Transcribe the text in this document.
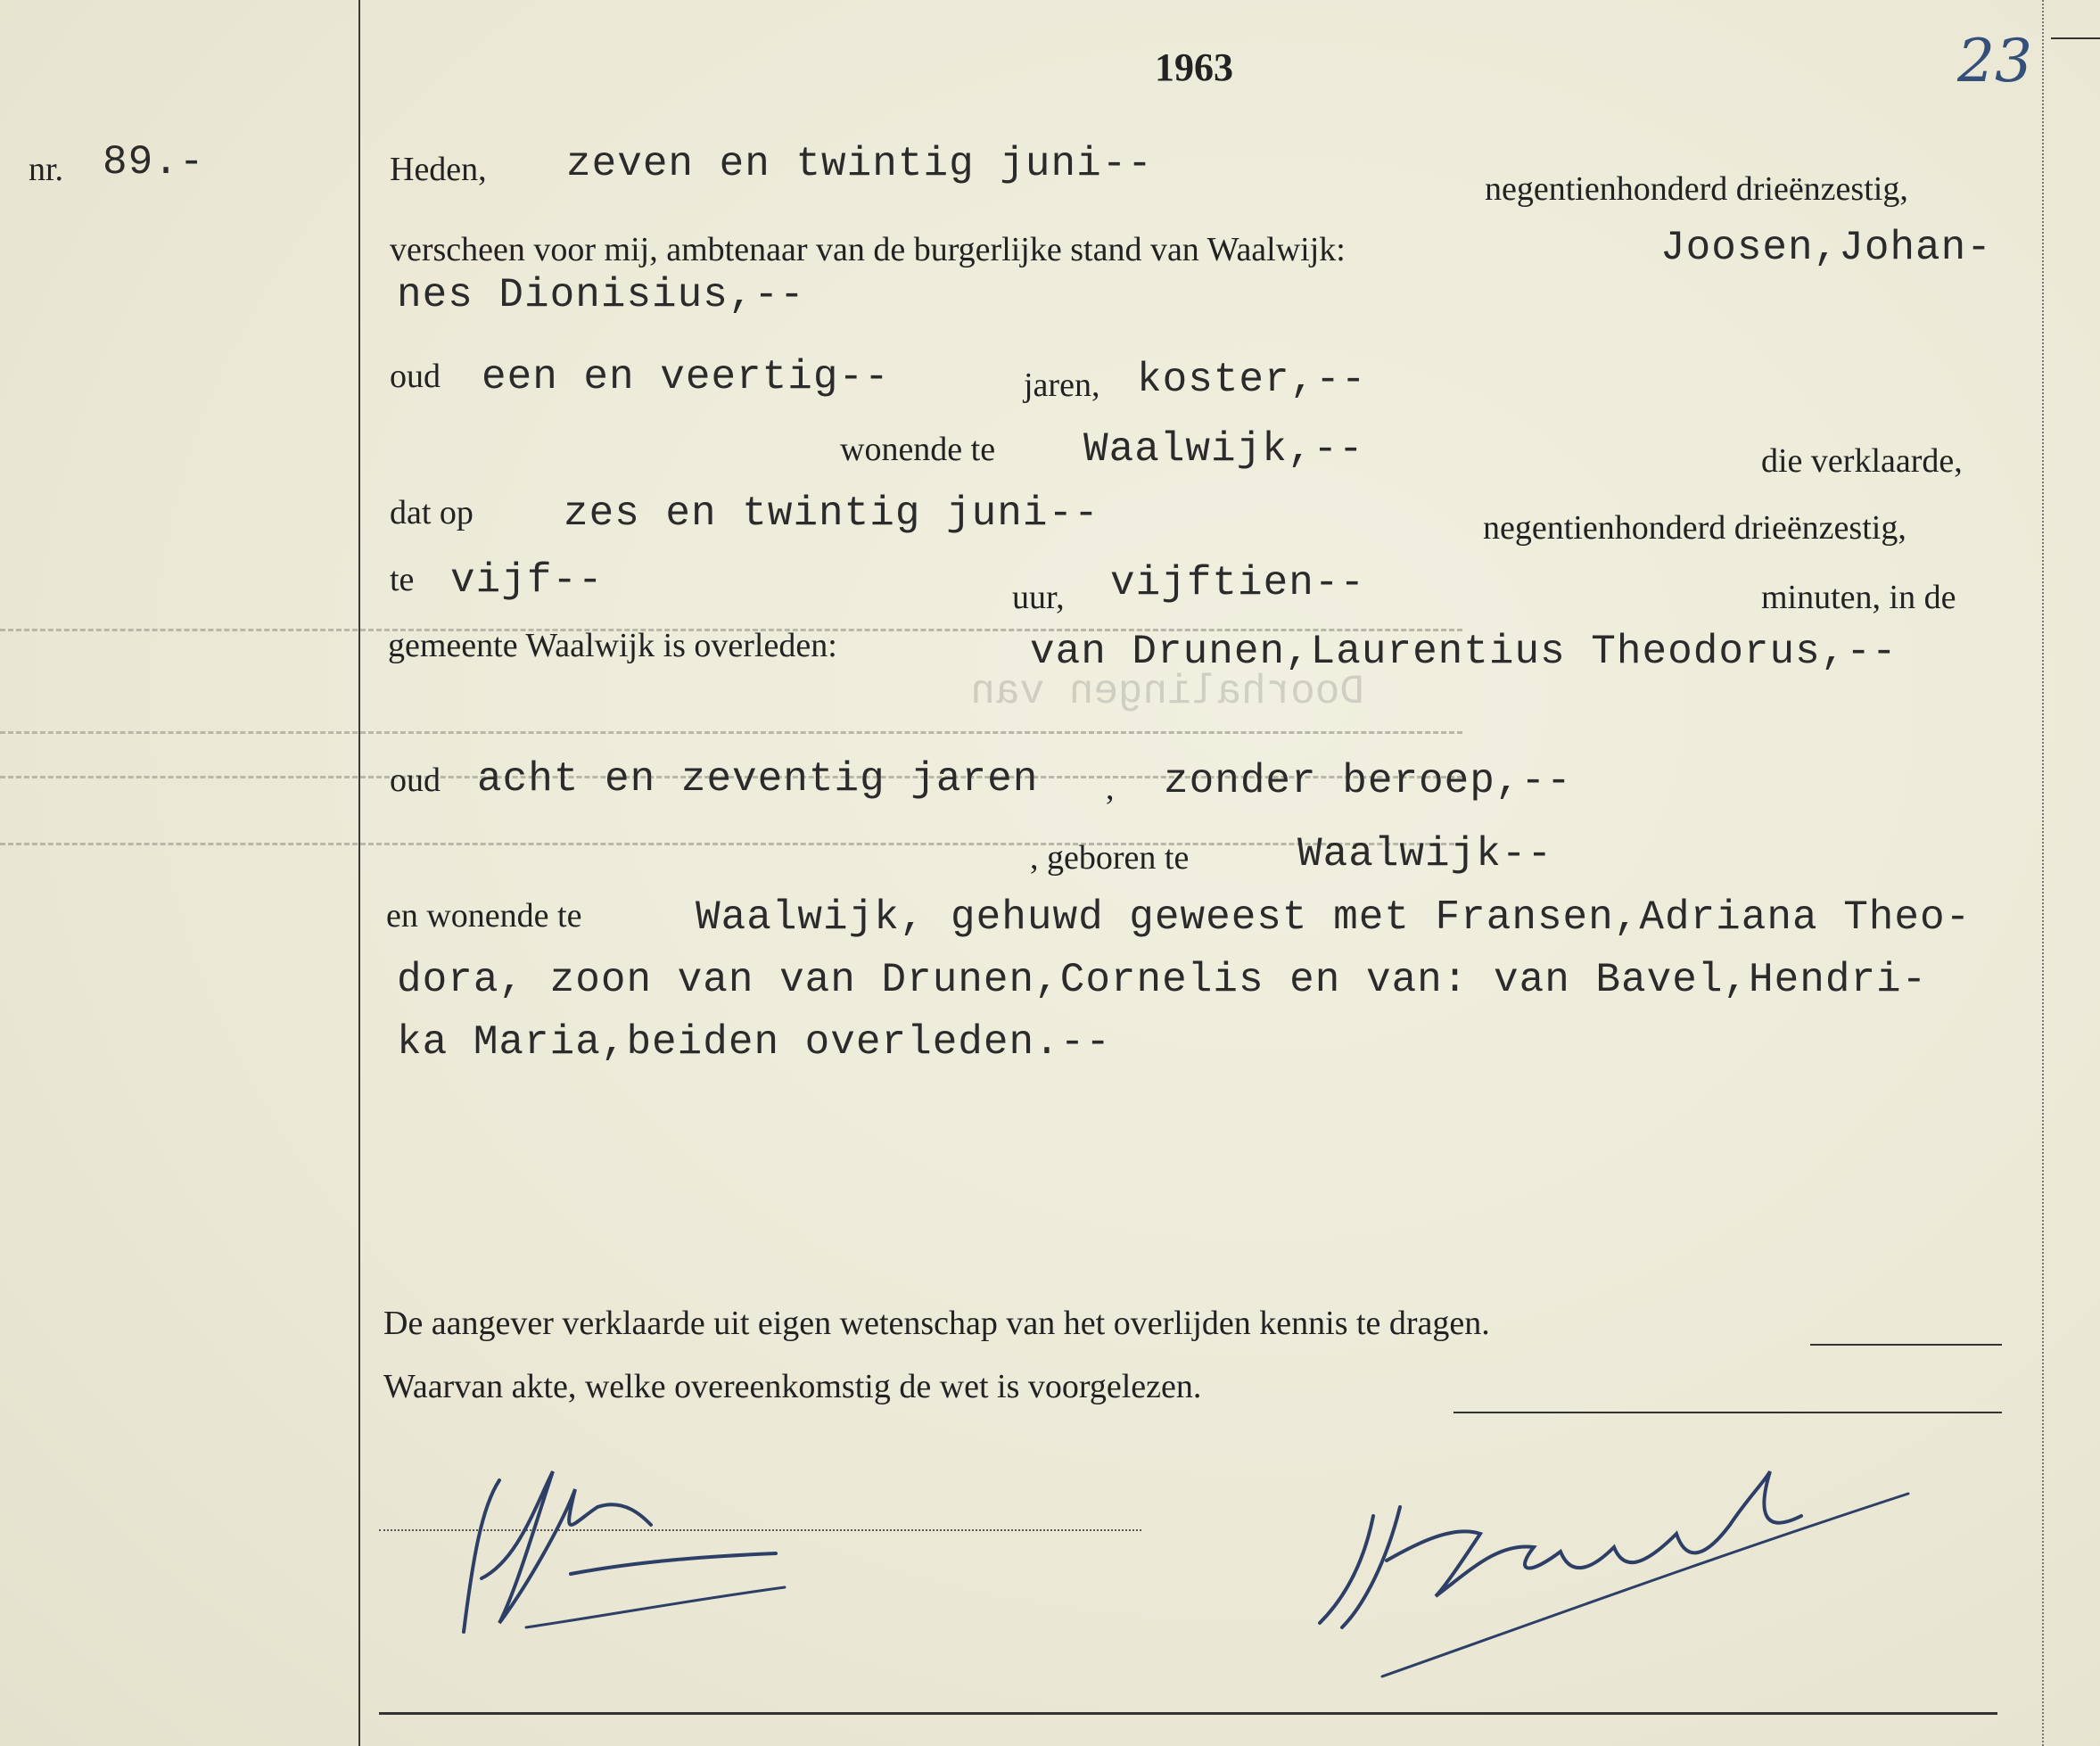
Doorhalingen van
1963	23
nr. 89.-	Heden, zeven en twintig juni--
negentienhonderd drieënzestig,
verscheen voor mij, ambtenaar van de burgerlijke stand van Waalwijk:	Joosen,Johan-
nes Dionisius,--
oud een en veertig--	jaren, koster,--
wonende te Waalwijk,--	die verklaarde,
dat op zes en twintig juni--	negentienhonderd drieënzestig,
te vijf--	uur, vijftien--	minuten, in de
gemeente Waalwijk is overleden:	van Drunen,Laurentius Theodorus,--
oud acht en zeventig jaren , zonder beroep,--
, geboren te	Waalwijk--
en wonende te	Waalwijk, gehuwd geweest met Fransen,Adriana Theo-
dora, zoon van van Drunen,Cornelis en van: van Bavel,Hendri-
ka Maria,beiden overleden.--
De aangever verklaarde uit eigen wetenschap van het overlijden kennis te dragen.
Waarvan akte, welke overeenkomstig de wet is voorgelezen.
